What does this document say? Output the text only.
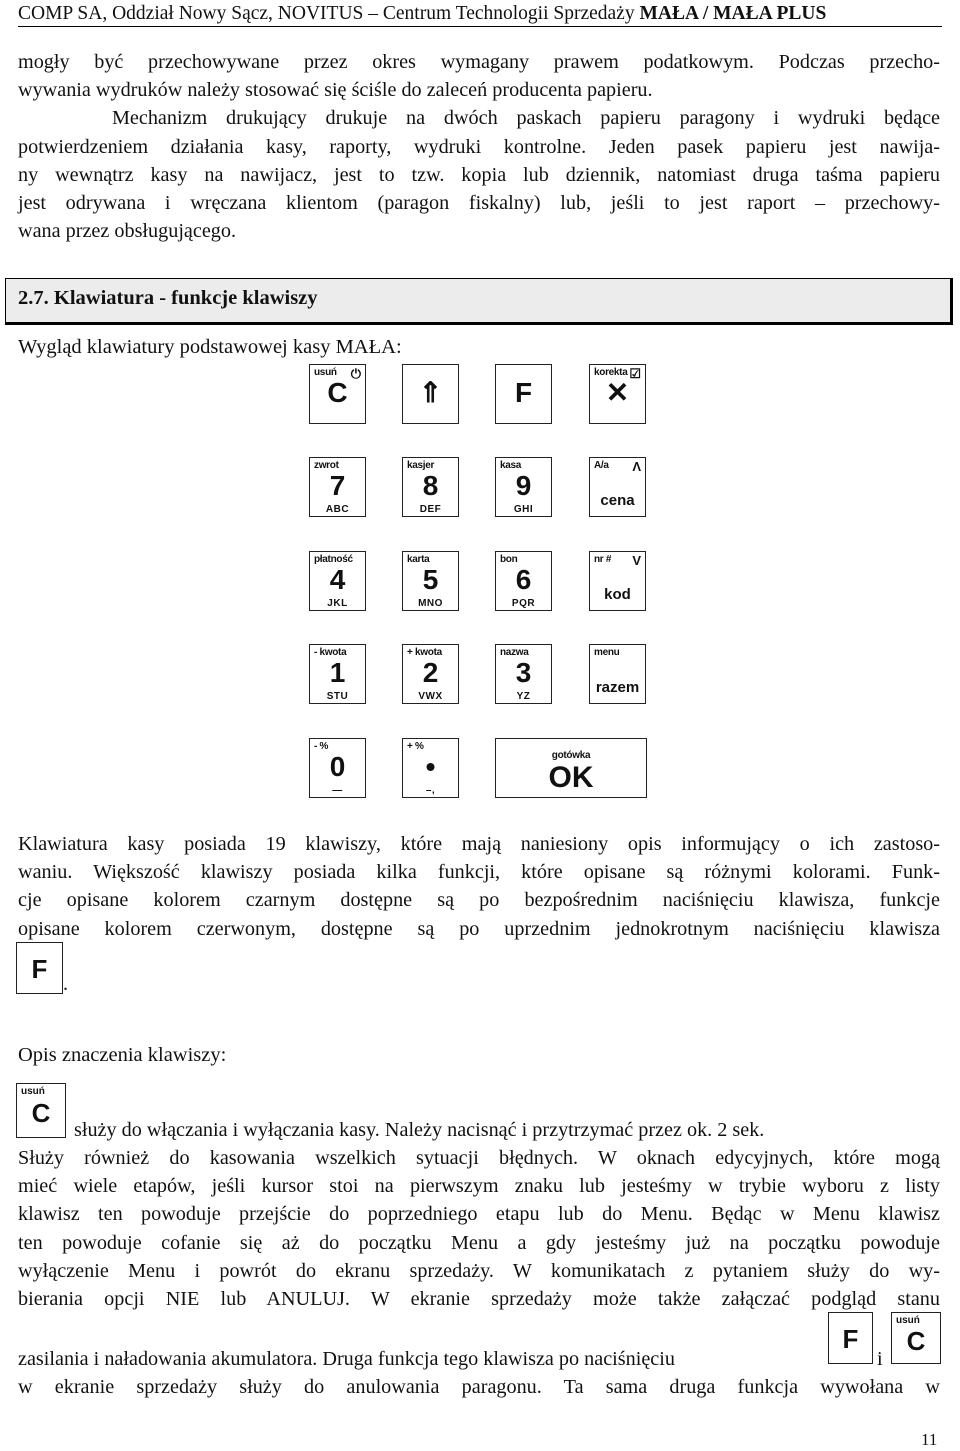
COMP SA, Oddział Nowy Sącz, NOVITUS – Centrum Technologii Sprzedaży MAŁA / MAŁA PLUS
mogły być przechowywane przez okres wymagany prawem podatkowym. Podczas przecho-
wywania wydruków należy stosować się ściśle do zaleceń producenta papieru.
Mechanizm drukujący drukuje na dwóch paskach papieru paragony i wydruki będące
potwierdzeniem działania kasy, raporty, wydruki kontrolne. Jeden pasek papieru jest nawija-
ny wewnątrz kasy na nawijacz, jest to tzw. kopia lub dziennik, natomiast druga taśma papieru
jest odrywana i wręczana klientom (paragon fiskalny) lub, jeśli to jest raport – przechowy-
wana przez obsługującego.
2.7. Klawiatura - funkcje klawiszy
Wygląd klawiatury podstawowej kasy MAŁA:
usuń ⏻
C	⇑	F
korekta ☑
✕
zwrot
7
ABC
kasjer
8
DEF
kasa
9
GHI
A/a Λ
cena
płatność
4
JKL
karta
5
MNO
bon
6
PQR
nr # V
kod
- kwota
1
STU
+ kwota
2
VWX
nazwa
3
YZ
menu
razem
- %
0
—
+ %
•
–,
gotówka
OK
Klawiatura kasy posiada 19 klawiszy, które mają naniesiony opis informujący o ich zastoso-
waniu. Większość klawiszy posiada kilka funkcji, które opisane są różnymi kolorami. Funk-
cje opisane kolorem czarnym dostępne są po bezpośrednim naciśnięciu klawisza, funkcje
opisane kolorem czerwonym, dostępne są po uprzednim jednokrotnym naciśnięciu klawisza
F .
Opis znaczenia klawiszy:
usuń
C
służy do włączania i wyłączania kasy. Należy nacisnąć i przytrzymać przez ok. 2 sek.
Służy również do kasowania wszelkich sytuacji błędnych. W oknach edycyjnych, które mogą
mieć wiele etapów, jeśli kursor stoi na pierwszym znaku lub jesteśmy w trybie wyboru z listy
klawisz ten powoduje przejście do poprzedniego etapu lub do Menu. Będąc w Menu klawisz
ten powoduje cofanie się aż do początku Menu a gdy jesteśmy już na początku powoduje
wyłączenie Menu i powrót do ekranu sprzedaży. W komunikatach z pytaniem służy do wy-
bierania opcji NIE lub ANULUJ. W ekranie sprzedaży może także załączać podgląd stanu
zasilania i naładowania akumulatora. Druga funkcja tego klawisza po naciśnięciu
F
i
usuń
C
w ekranie sprzedaży służy do anulowania paragonu. Ta sama druga funkcja wywołana w
11
